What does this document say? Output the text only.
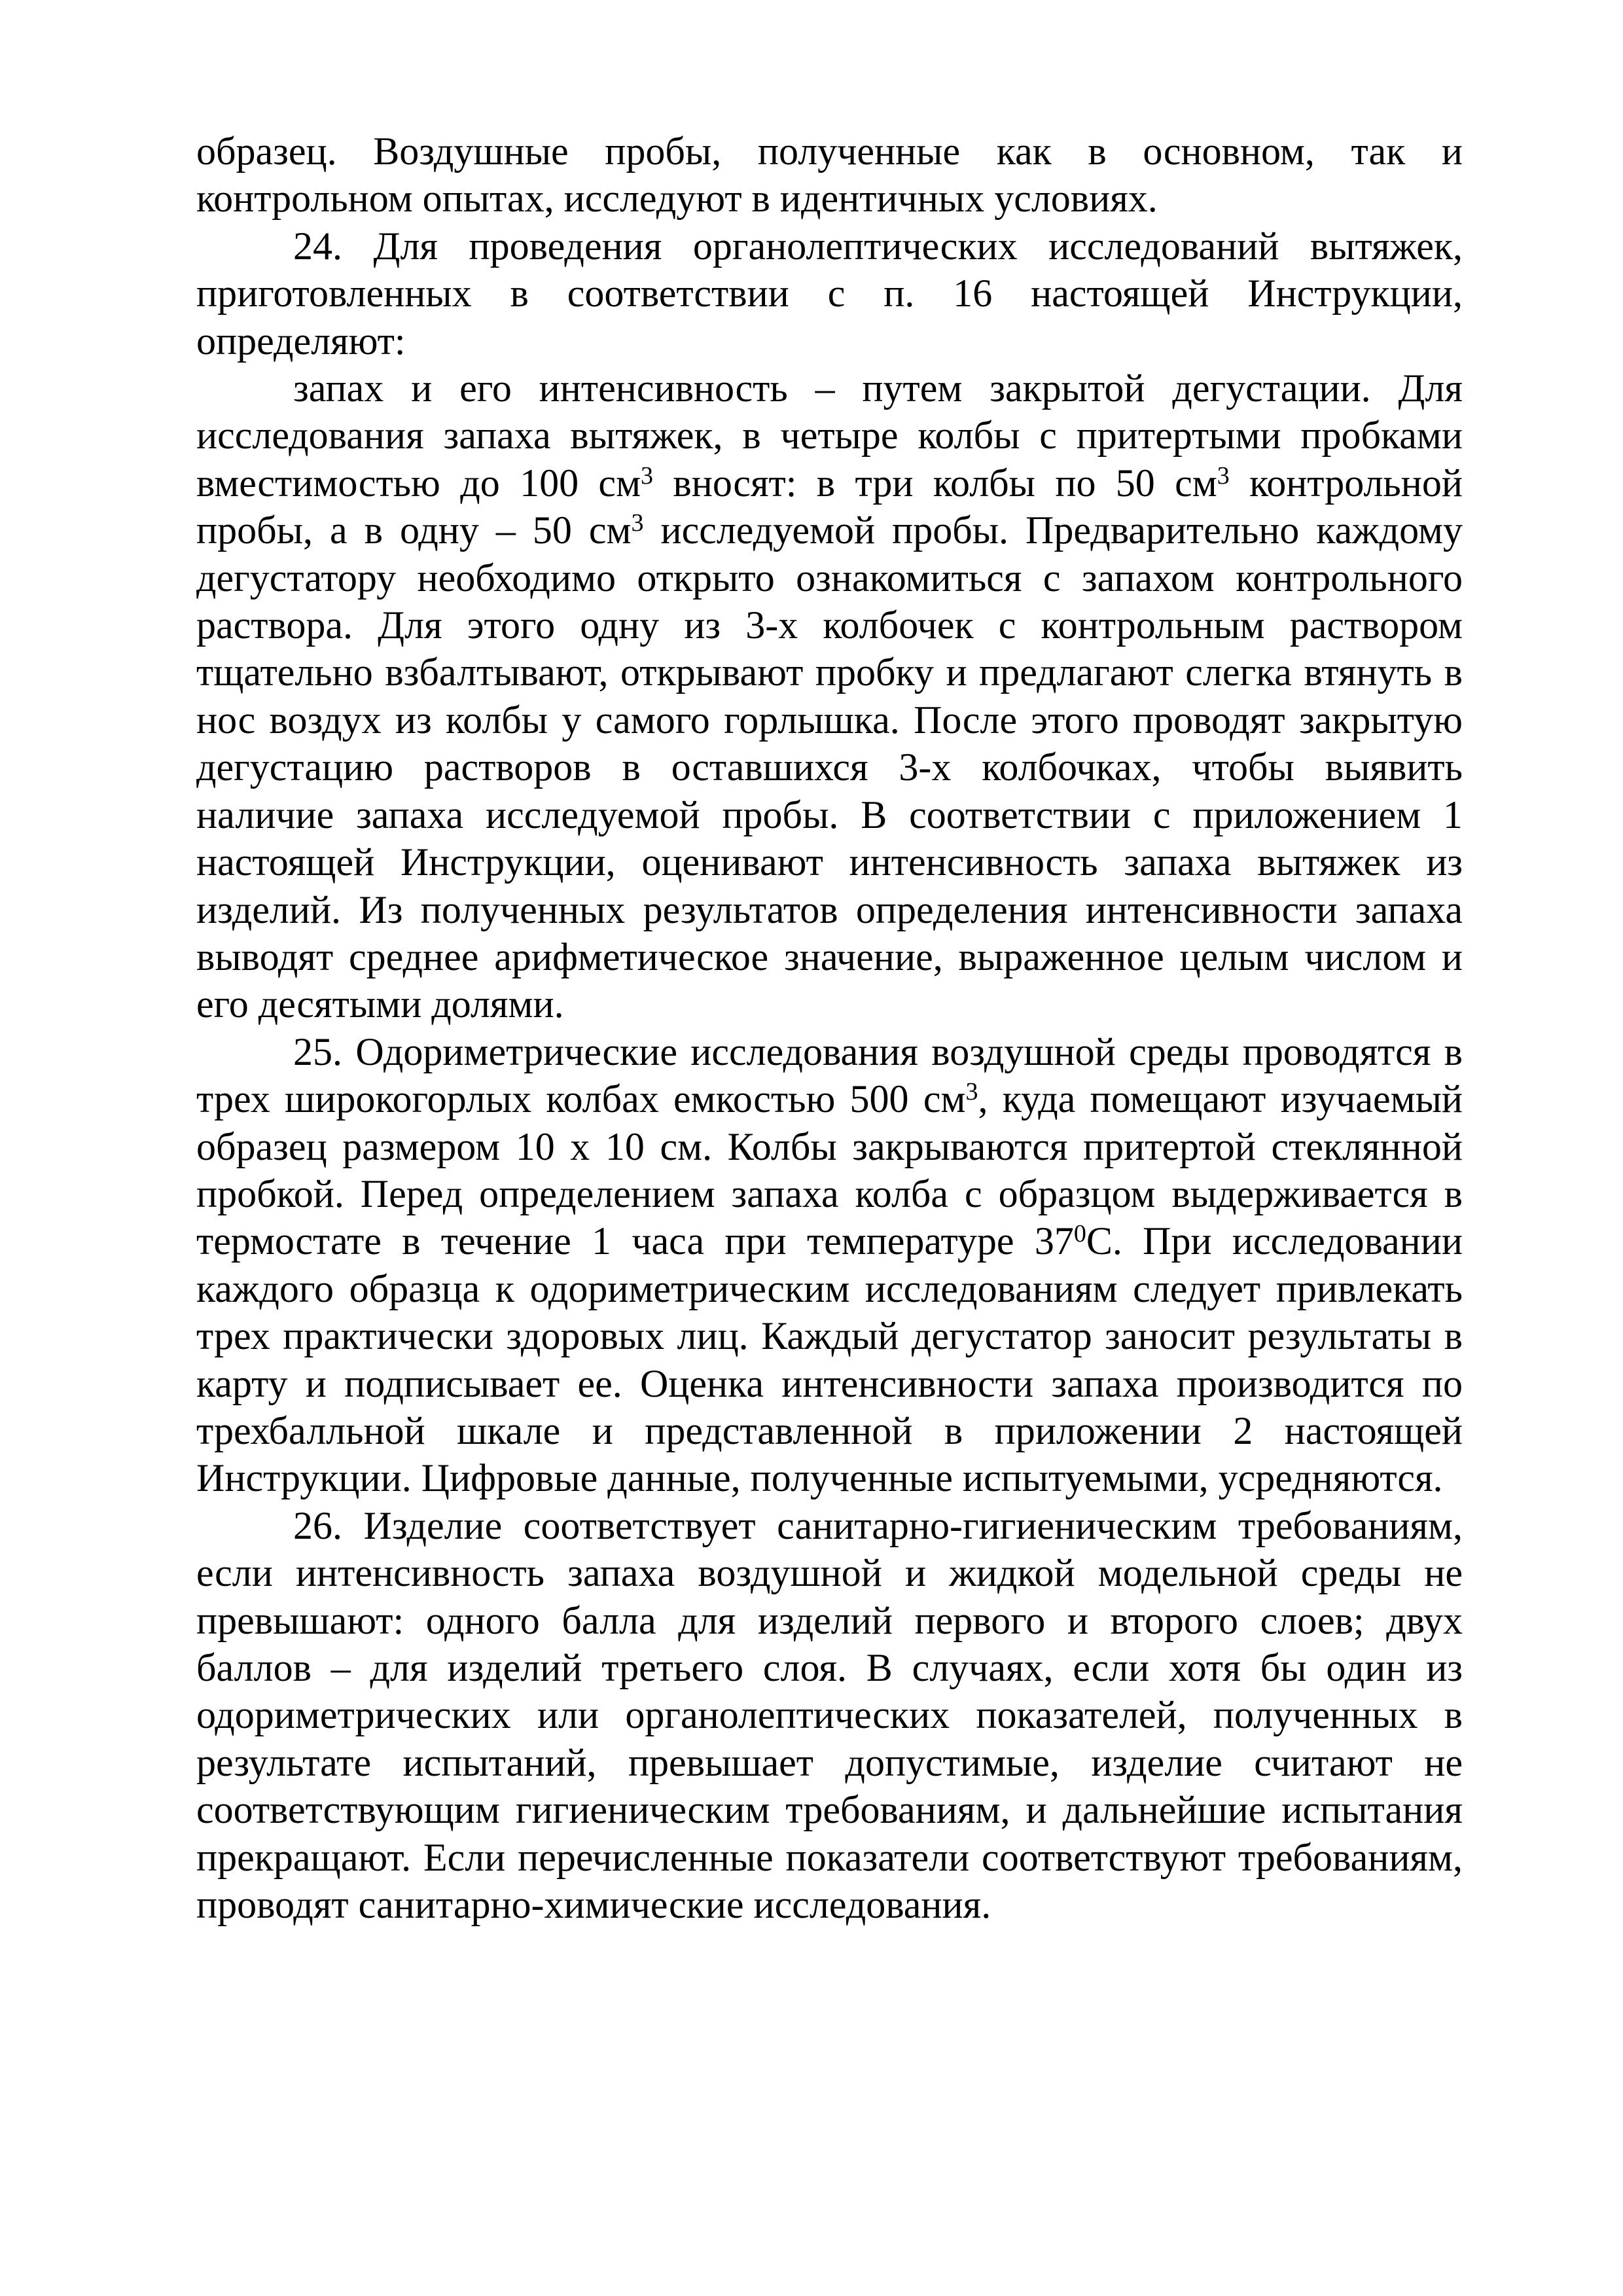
образец. Воздушные пробы, полученные как в основном, так и контрольном опытах, исследуют в идентичных условиях.

24. Для проведения органолептических исследований вытяжек, приготовленных в соответствии с п. 16 настоящей Инструкции, определяют:

запах и его интенсивность – путем закрытой дегустации. Для исследования запаха вытяжек, в четыре колбы с притертыми пробками вместимостью до 100 $см^3$ вносят: в три колбы по 50 $см^3$ контрольной пробы, а в одну – 50 $см^3$ исследуемой пробы. Предварительно каждому дегустатору необходимо открыто ознакомиться с запахом контрольного раствора. Для этого одну из 3-х колбочек с контрольным раствором тщательно взбалтывают, открывают пробку и предлагают слегка втянуть в нос воздух из колбы у самого горлышка. После этого проводят закрытую дегустацию растворов в оставшихся 3-х колбочках, чтобы выявить наличие запаха исследуемой пробы. В соответствии с приложением 1 настоящей Инструкции, оценивают интенсивность запаха вытяжек из изделий. Из полученных результатов определения интенсивности запаха выводят среднее арифметическое значение, выраженное целым числом и его десятыми долями.

25. Одориметрические исследования воздушной среды проводятся в трех широкогорлых колбах емкостью 500 $см^3$, куда помещают изучаемый образец размером 10 х 10 см. Колбы закрываются притертой стеклянной пробкой. Перед определением запаха колба с образцом выдерживается в термостате в течение 1 часа при температуре $37^0С$. При исследовании каждого образца к одориметрическим исследованиям следует привлекать трех практически здоровых лиц. Каждый дегустатор заносит результаты в карту и подписывает ее. Оценка интенсивности запаха производится по трехбалльной шкале и представленной в приложении 2 настоящей Инструкции. Цифровые данные, полученные испытуемыми, усредняются.

26. Изделие соответствует санитарно-гигиеническим требованиям, если интенсивность запаха воздушной и жидкой модельной среды не превышают: одного балла для изделий первого и второго слоев; двух баллов – для изделий третьего слоя. В случаях, если хотя бы один из одориметрических или органолептических показателей, полученных в результате испытаний, превышает допустимые, изделие считают не соответствующим гигиеническим требованиям, и дальнейшие испытания прекращают. Если перечисленные показатели соответствуют требованиям, проводят санитарно-химические исследования.
